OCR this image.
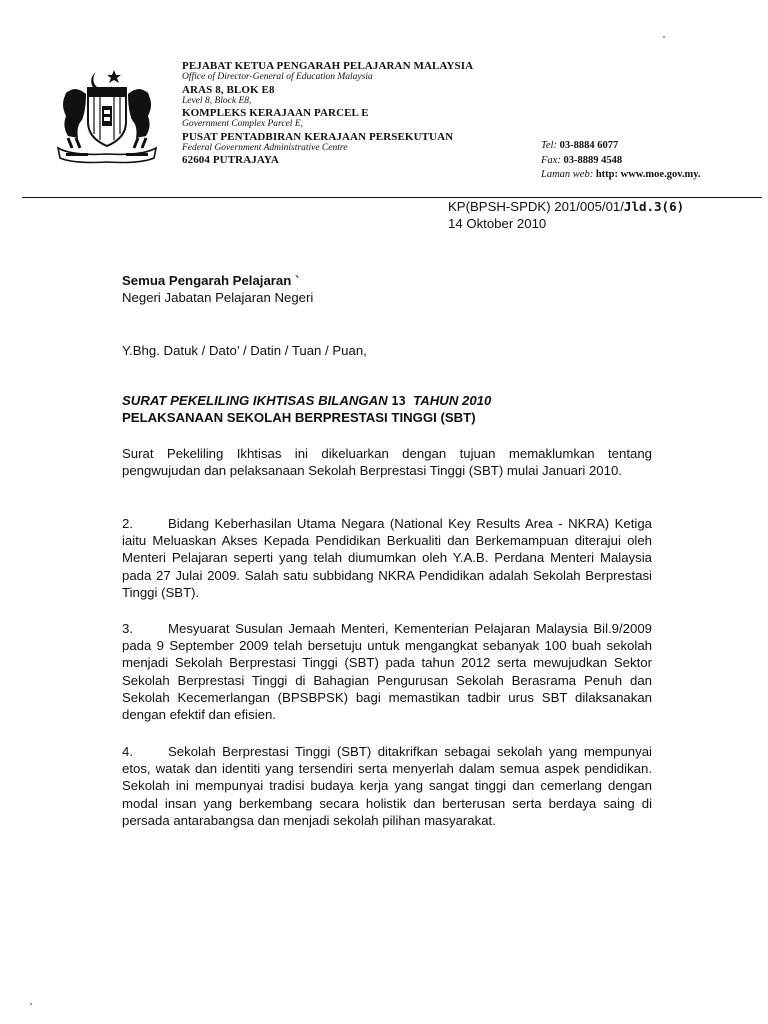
PEJABAT KETUA PENGARAH PELAJARAN MALAYSIA
Office of Director-General of Education Malaysia
ARAS 8, BLOK E8
Level 8, Block E8,
KOMPLEKS KERAJAAN PARCEL E
Government Complex Parcel E,
PUSAT PENTADBIRAN KERAJAAN PERSEKUTUAN
Federal Government Administrative Centre
62604 PUTRAJAYA
Tel: 03-8884 6077
Fax: 03-8889 4548
Laman web: http: www.moe.gov.my.
KP(BPSH-SPDK) 201/005/01/Jld.3(6)
14 Oktober 2010
Semua Pengarah Pelajaran `
Negeri Jabatan Pelajaran Negeri
Y.Bhg. Datuk / Dato’ / Datin / Tuan / Puan,
SURAT PEKELILING IKHTISAS BILANGAN 13 TAHUN 2010
PELAKSANAAN SEKOLAH BERPRESTASI TINGGI (SBT)
Surat Pekeliling Ikhtisas ini dikeluarkan dengan tujuan memaklumkan tentang pengwujudan dan pelaksanaan Sekolah Berprestasi Tinggi (SBT) mulai Januari 2010.
2.	Bidang Keberhasilan Utama Negara (National Key Results Area - NKRA) Ketiga iaitu Meluaskan Akses Kepada Pendidikan Berkualiti dan Berkemampuan diterajui oleh Menteri Pelajaran seperti yang telah diumumkan oleh Y.A.B. Perdana Menteri Malaysia pada 27 Julai 2009. Salah satu subbidang NKRA Pendidikan adalah Sekolah Berprestasi Tinggi (SBT).
3.	Mesyuarat Susulan Jemaah Menteri, Kementerian Pelajaran Malaysia Bil.9/2009 pada 9 September 2009 telah bersetuju untuk mengangkat sebanyak 100 buah sekolah menjadi Sekolah Berprestasi Tinggi (SBT) pada tahun 2012 serta mewujudkan Sektor Sekolah Berprestasi Tinggi di Bahagian Pengurusan Sekolah Berasrama Penuh dan Sekolah Kecemerlangan (BPSBPSK) bagi memastikan tadbir urus SBT dilaksanakan dengan efektif dan efisien.
4.	Sekolah Berprestasi Tinggi (SBT) ditakrifkan sebagai sekolah yang mempunyai etos, watak dan identiti yang tersendiri serta menyerlah dalam semua aspek pendidikan. Sekolah ini mempunyai tradisi budaya kerja yang sangat tinggi dan cemerlang dengan modal insan yang berkembang secara holistik dan berterusan serta berdaya saing di persada antarabangsa dan menjadi sekolah pilihan masyarakat.
